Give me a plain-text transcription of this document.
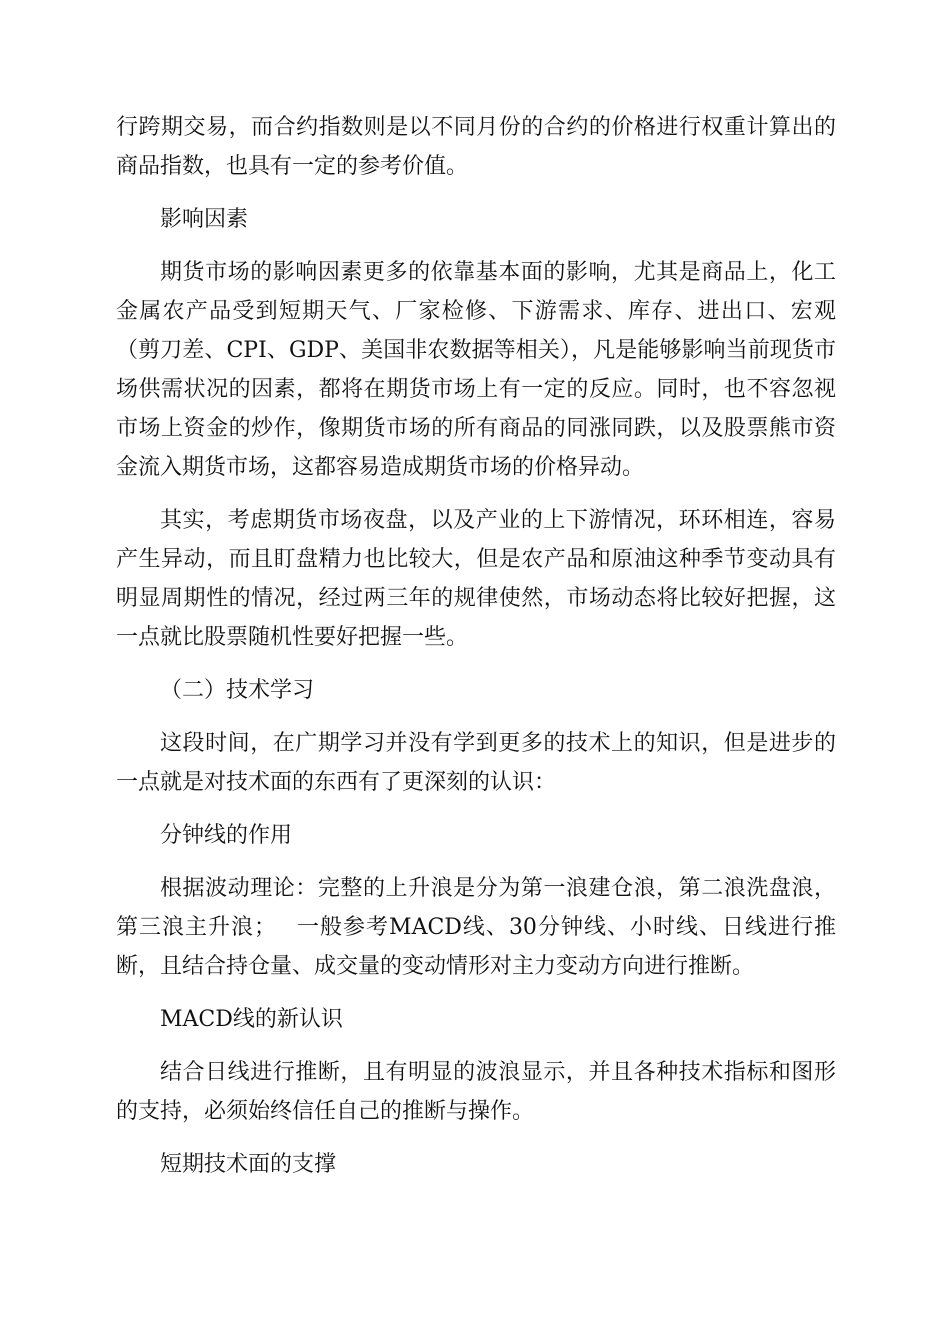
行跨期交易，而合约指数则是以不同月份的合约的价格进行权重计算出的商品指数，也具有一定的参考价值。

影响因素

期货市场的影响因素更多的依靠基本面的影响，尤其是商品上，化工金属农产品受到短期天气、厂家检修、下游需求、库存、进出口、宏观（剪刀差、CPI、GDP、美国非农数据等相关），凡是能够影响当前现货市场供需状况的因素，都将在期货市场上有一定的反应。同时，也不容忽视市场上资金的炒作，像期货市场的所有商品的同涨同跌，以及股票熊市资金流入期货市场，这都容易造成期货市场的价格异动。

其实，考虑期货市场夜盘，以及产业的上下游情况，环环相连，容易产生异动，而且盯盘精力也比较大，但是农产品和原油这种季节变动具有明显周期性的情况，经过两三年的规律使然，市场动态将比较好把握，这一点就比股票随机性要好把握一些。

（二）技术学习

这段时间，在广期学习并没有学到更多的技术上的知识，但是进步的一点就是对技术面的东西有了更深刻的认识：

分钟线的作用

根据波动理论：完整的上升浪是分为第一浪建仓浪，第二浪洗盘浪，第三浪主升浪；　 一般参考MACD线、30分钟线、小时线、日线进行推断，且结合持仓量、成交量的变动情形对主力变动方向进行推断。

MACD线的新认识

结合日线进行推断，且有明显的波浪显示，并且各种技术指标和图形的支持，必须始终信任自己的推断与操作。

短期技术面的支撑
